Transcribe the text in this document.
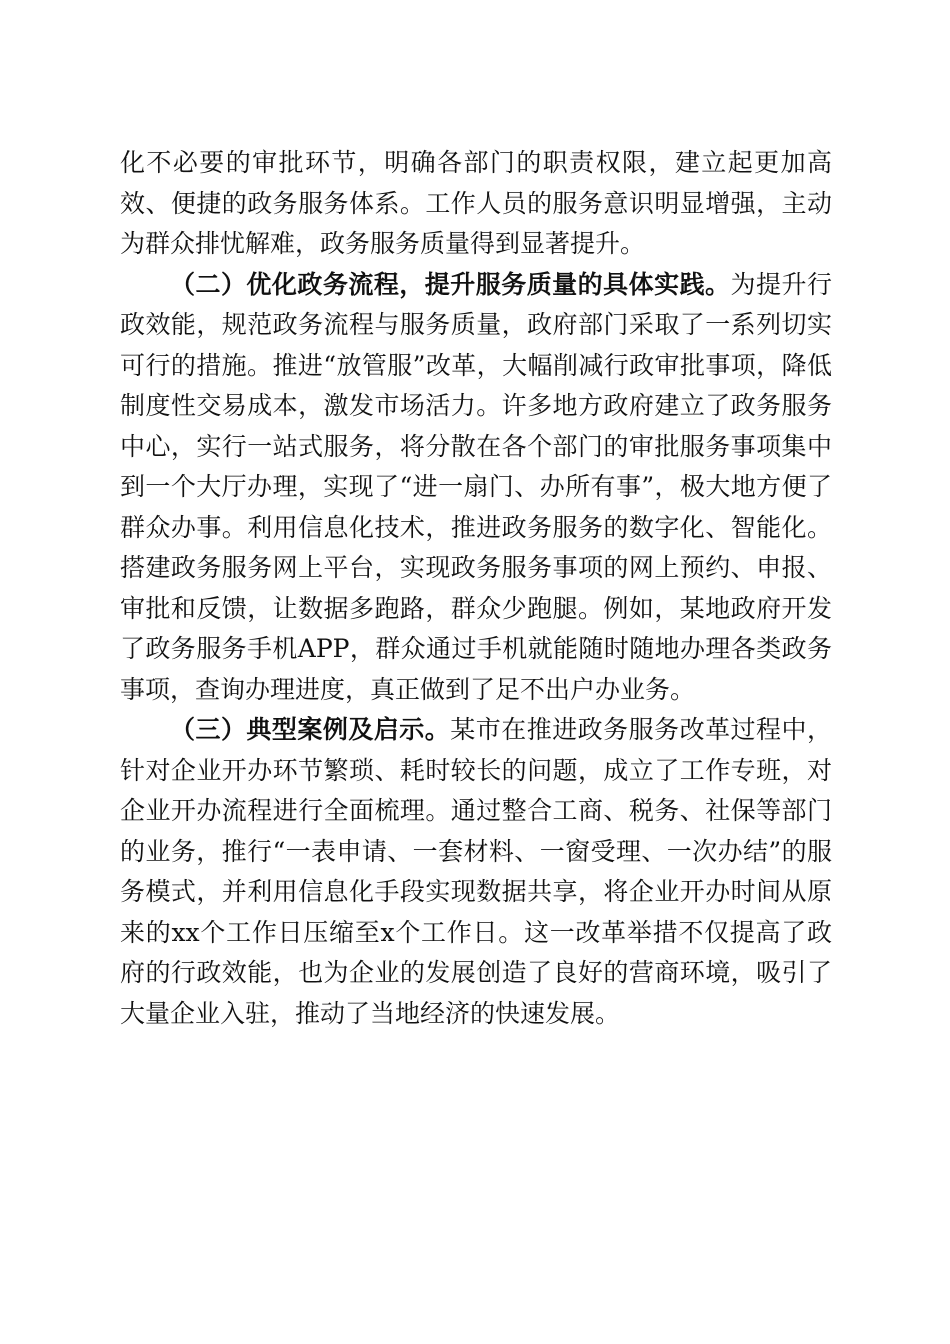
化不必要的审批环节，明确各部门的职责权限，建立起更加高效、便捷的政务服务体系。工作人员的服务意识明显增强，主动为群众排忧解难，政务服务质量得到显著提升。

（二）优化政务流程，提升服务质量的具体实践。为提升行政效能，规范政务流程与服务质量，政府部门采取了一系列切实可行的措施。推进“放管服”改革，大幅削减行政审批事项，降低制度性交易成本，激发市场活力。许多地方政府建立了政务服务中心，实行一站式服务，将分散在各个部门的审批服务事项集中到一个大厅办理，实现了“进一扇门、办所有事”，极大地方便了群众办事。利用信息化技术，推进政务服务的数字化、智能化。搭建政务服务网上平台，实现政务服务事项的网上预约、申报、审批和反馈，让数据多跑路，群众少跑腿。例如，某地政府开发了政务服务手机APP，群众通过手机就能随时随地办理各类政务事项，查询办理进度，真正做到了足不出户办业务。

（三）典型案例及启示。某市在推进政务服务改革过程中，针对企业开办环节繁琐、耗时较长的问题，成立了工作专班，对企业开办流程进行全面梳理。通过整合工商、税务、社保等部门的业务，推行“一表申请、一套材料、一窗受理、一次办结”的服务模式，并利用信息化手段实现数据共享，将企业开办时间从原来的xx个工作日压缩至x个工作日。这一改革举措不仅提高了政府的行政效能，也为企业的发展创造了良好的营商环境，吸引了大量企业入驻，推动了当地经济的快速发展。
